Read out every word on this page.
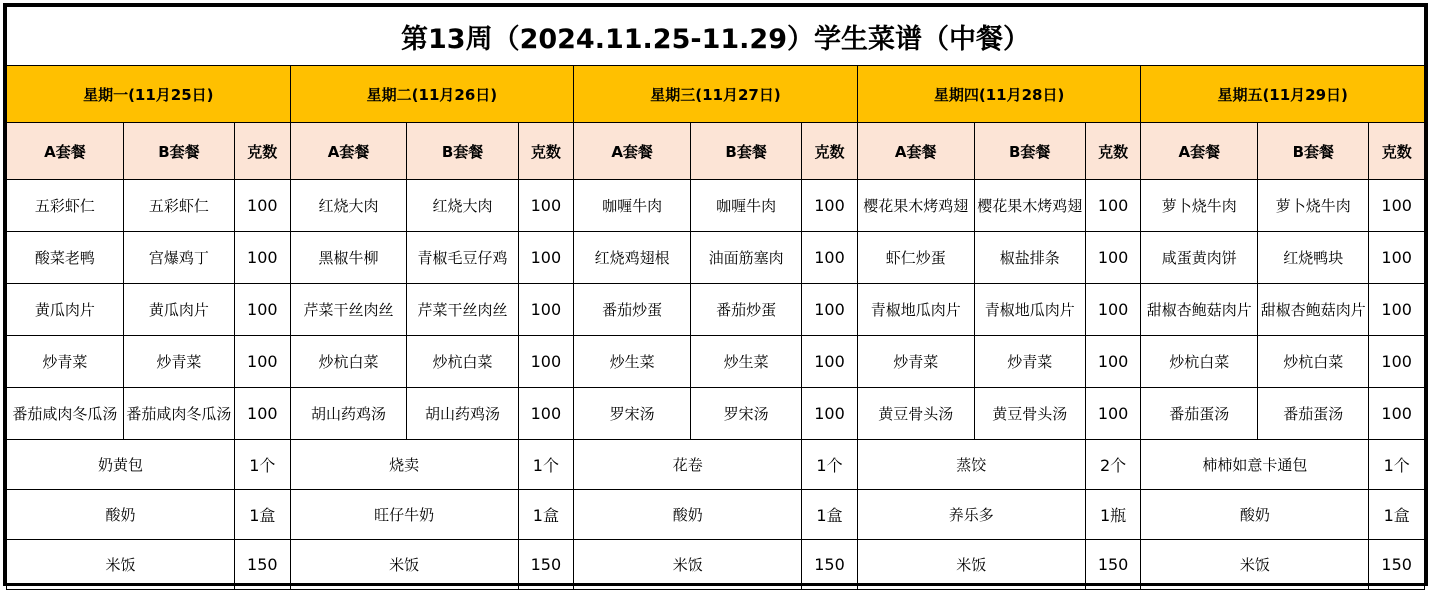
第13周（2024.11.25-11.29）学生菜谱（中餐）														
星期一(11月25日)			星期二(11月26日)			星期三(11月27日)			星期四(11月28日)			星期五(11月29日)		
A套餐	B套餐	克数	A套餐	B套餐	克数	A套餐	B套餐	克数	A套餐	B套餐	克数	A套餐	B套餐	克数
五彩虾仁	五彩虾仁	100	红烧大肉	红烧大肉	100	咖喱牛肉	咖喱牛肉	100	樱花果木烤鸡翅	樱花果木烤鸡翅	100	萝卜烧牛肉	萝卜烧牛肉	100
酸菜老鸭	宫爆鸡丁	100	黑椒牛柳	青椒毛豆仔鸡	100	红烧鸡翅根	油面筋塞肉	100	虾仁炒蛋	椒盐排条	100	咸蛋黄肉饼	红烧鸭块	100
黄瓜肉片	黄瓜肉片	100	芹菜干丝肉丝	芹菜干丝肉丝	100	番茄炒蛋	番茄炒蛋	100	青椒地瓜肉片	青椒地瓜肉片	100	甜椒杏鲍菇肉片	甜椒杏鲍菇肉片	100
炒青菜	炒青菜	100	炒杭白菜	炒杭白菜	100	炒生菜	炒生菜	100	炒青菜	炒青菜	100	炒杭白菜	炒杭白菜	100
番茄咸肉冬瓜汤	番茄咸肉冬瓜汤	100	胡山药鸡汤	胡山药鸡汤	100	罗宋汤	罗宋汤	100	黄豆骨头汤	黄豆骨头汤	100	番茄蛋汤	番茄蛋汤	100
奶黄包		1个	烧卖		1个	花卷		1个	蒸饺		2个	柿柿如意卡通包		1个
酸奶		1盒	旺仔牛奶		1盒	酸奶		1盒	养乐多		1瓶	酸奶		1盒
米饭		150	米饭		150	米饭		150	米饭		150	米饭		150
